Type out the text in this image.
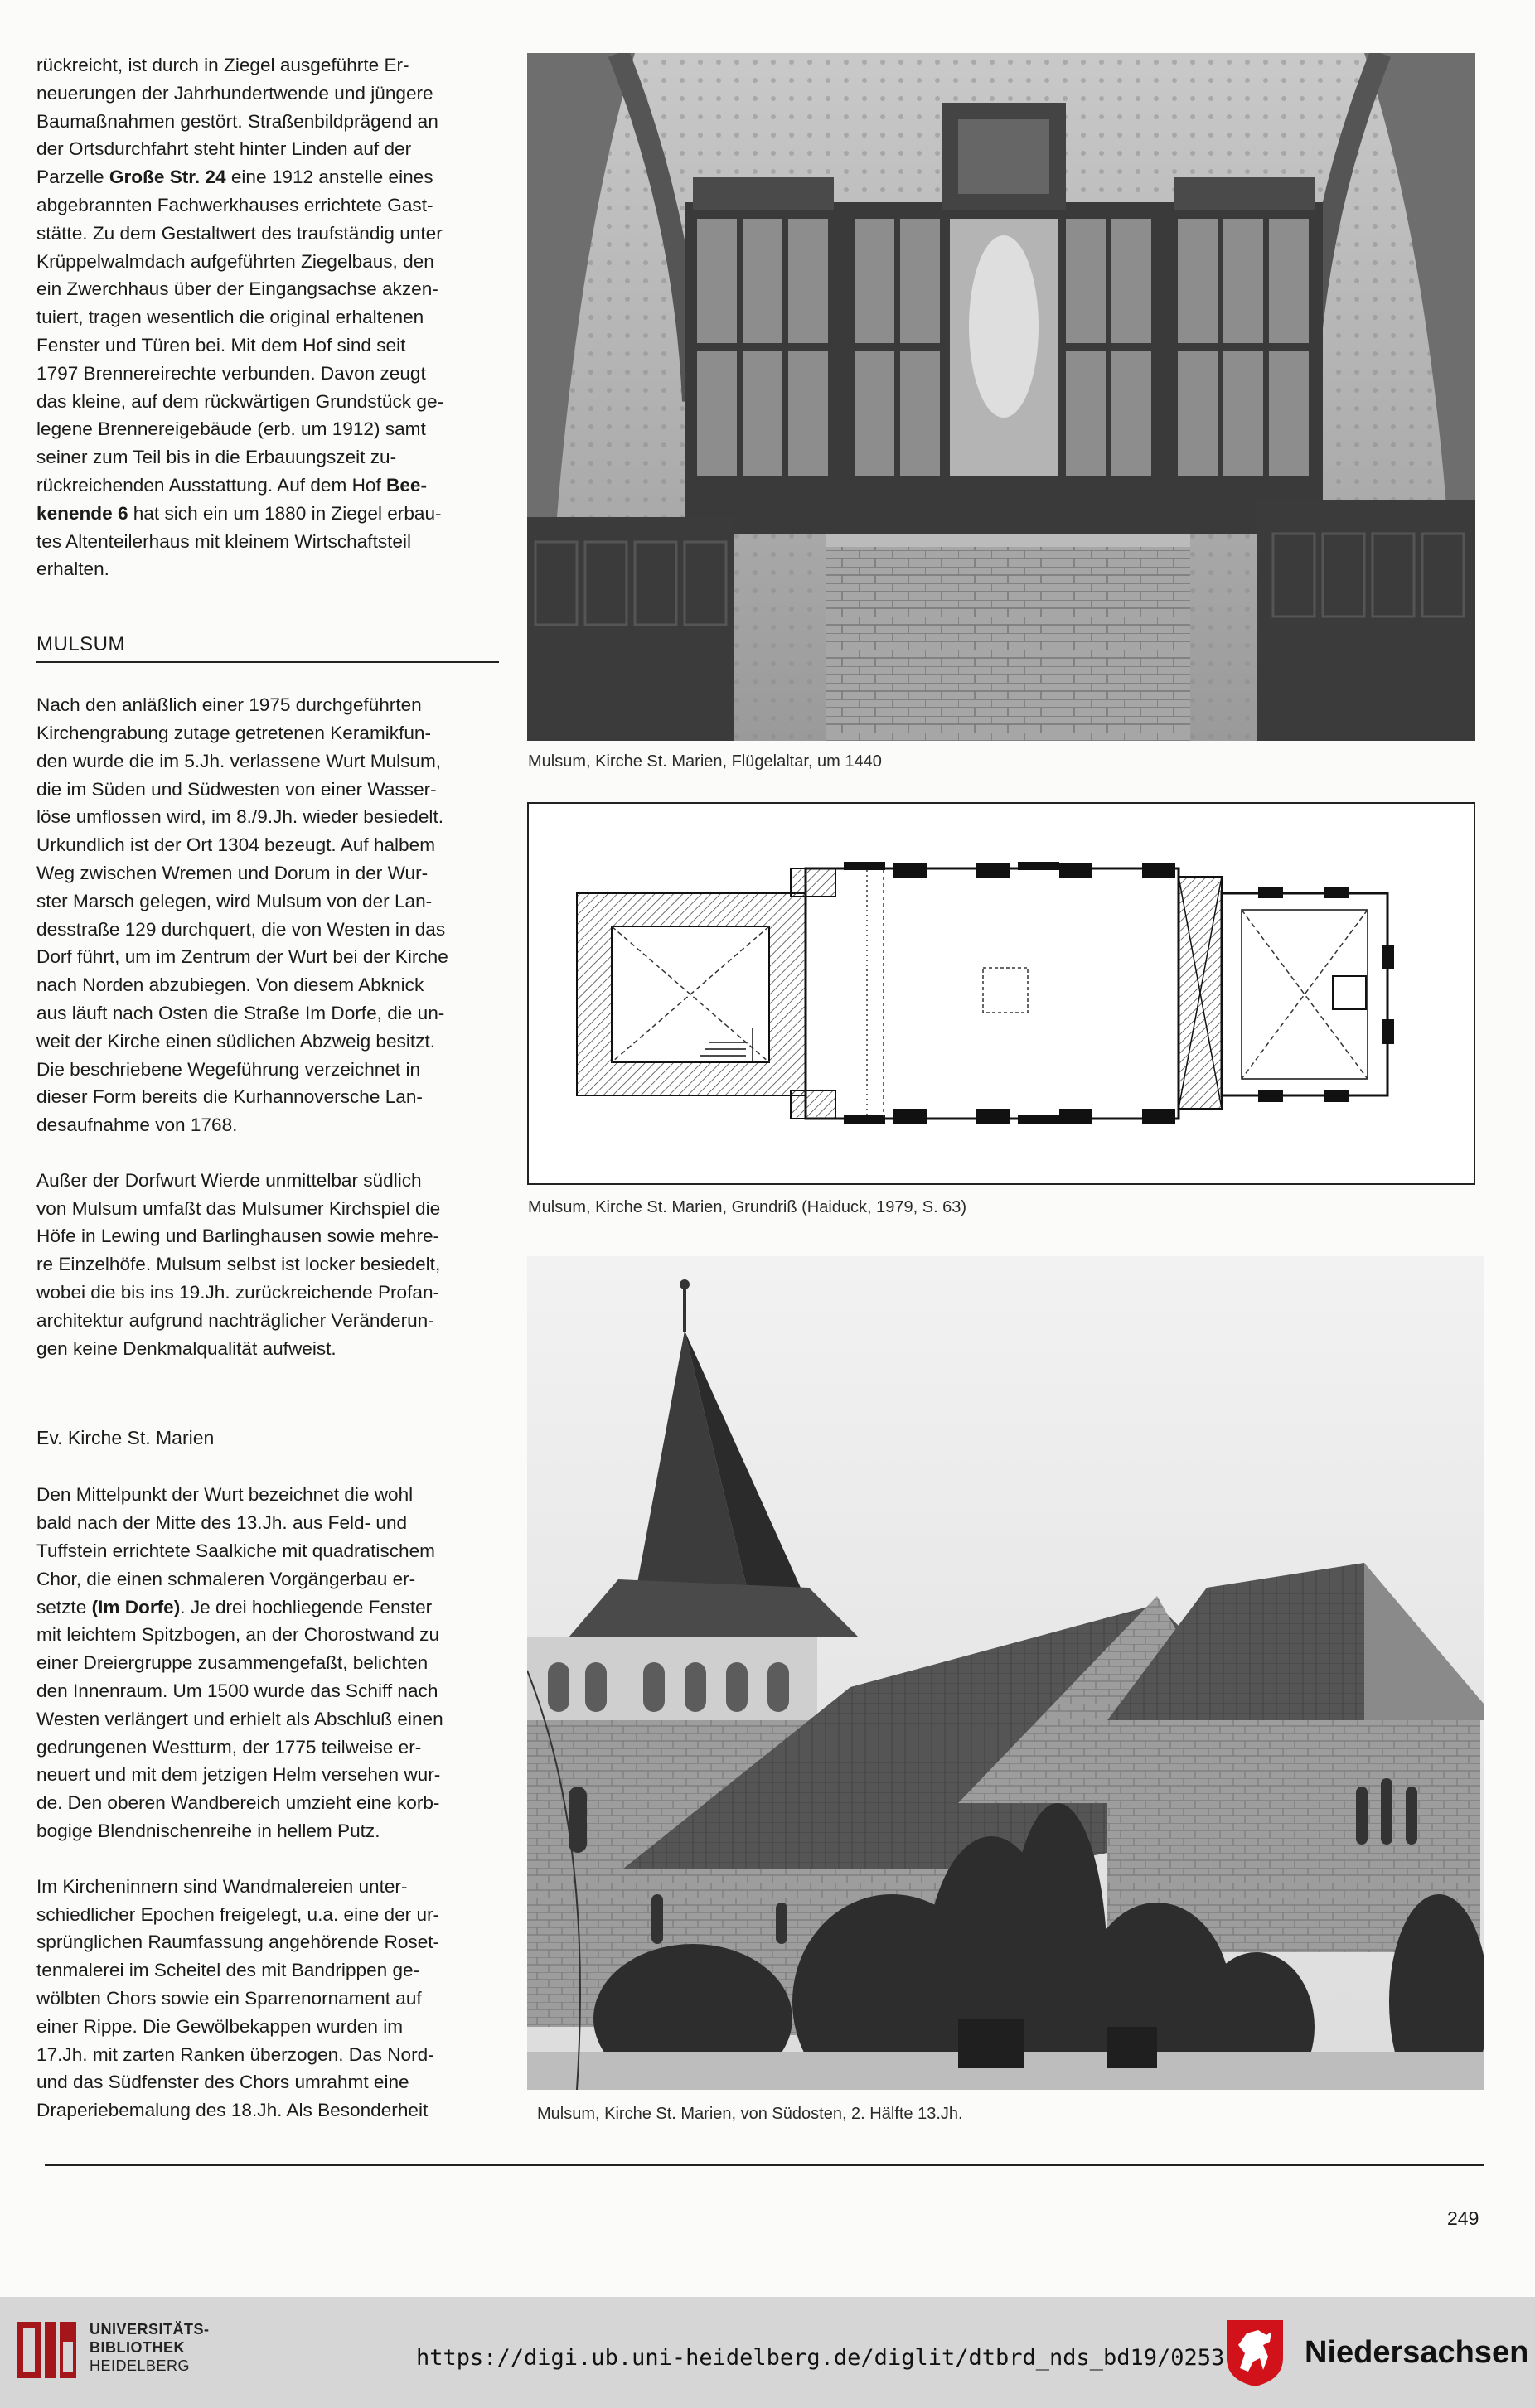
rückreicht, ist durch in Ziegel ausgeführte Er-
neuerungen der Jahrhundertwende und jüngere
Baumaßnahmen gestört. Straßenbildprägend an
der Ortsdurchfahrt steht hinter Linden auf der
Parzelle Große Str. 24 eine 1912 anstelle eines
abgebrannten Fachwerkhauses errichtete Gast-
stätte. Zu dem Gestaltwert des traufständig unter
Krüppelwalmdach aufgeführten Ziegelbaus, den
ein Zwerchhaus über der Eingangsachse akzen-
tuiert, tragen wesentlich die original erhaltenen
Fenster und Türen bei. Mit dem Hof sind seit
1797 Brennereirechte verbunden. Davon zeugt
das kleine, auf dem rückwärtigen Grundstück ge-
legene Brennereigebäude (erb. um 1912) samt
seiner zum Teil bis in die Erbauungszeit zu-
rückreichenden Ausstattung. Auf dem Hof Bee-
kenende 6 hat sich ein um 1880 in Ziegel erbau-
tes Altenteilerhaus mit kleinem Wirtschaftsteil
erhalten.
MULSUM
Nach den anläßlich einer 1975 durchgeführten
Kirchengrabung zutage getretenen Keramikfun-
den wurde die im 5.Jh. verlassene Wurt Mulsum,
die im Süden und Südwesten von einer Wasser-
löse umflossen wird, im 8./9.Jh. wieder besiedelt.
Urkundlich ist der Ort 1304 bezeugt. Auf halbem
Weg zwischen Wremen und Dorum in der Wur-
ster Marsch gelegen, wird Mulsum von der Lan-
desstraße 129 durchquert, die von Westen in das
Dorf führt, um im Zentrum der Wurt bei der Kirche
nach Norden abzubiegen. Von diesem Abknick
aus läuft nach Osten die Straße Im Dorfe, die un-
weit der Kirche einen südlichen Abzweig besitzt.
Die beschriebene Wegeführung verzeichnet in
dieser Form bereits die Kurhannoversche Lan-
desaufnahme von 1768.
Außer der Dorfwurt Wierde unmittelbar südlich
von Mulsum umfaßt das Mulsumer Kirchspiel die
Höfe in Lewing und Barlinghausen sowie mehre-
re Einzelhöfe. Mulsum selbst ist locker besiedelt,
wobei die bis ins 19.Jh. zurückreichende Profan-
architektur aufgrund nachträglicher Veränderun-
gen keine Denkmalqualität aufweist.
Ev. Kirche St. Marien
Den Mittelpunkt der Wurt bezeichnet die wohl
bald nach der Mitte des 13.Jh. aus Feld- und
Tuffstein errichtete Saalkiche mit quadratischem
Chor, die einen schmaleren Vorgängerbau er-
setzte (Im Dorfe). Je drei hochliegende Fenster
mit leichtem Spitzbogen, an der Chorostwand zu
einer Dreiergruppe zusammengefaßt, belichten
den Innenraum. Um 1500 wurde das Schiff nach
Westen verlängert und erhielt als Abschluß einen
gedrungenen Westturm, der 1775 teilweise er-
neuert und mit dem jetzigen Helm versehen wur-
de. Den oberen Wandbereich umzieht eine korb-
bogige Blendnischenreihe in hellem Putz.
Im Kircheninnern sind Wandmalereien unter-
schiedlicher Epochen freigelegt, u.a. eine der ur-
sprünglichen Raumfassung angehörende Roset-
tenmalerei im Scheitel des mit Bandrippen ge-
wölbten Chors sowie ein Sparrenornament auf
einer Rippe. Die Gewölbekappen wurden im
17.Jh. mit zarten Ranken überzogen. Das Nord-
und das Südfenster des Chors umrahmt eine
Draperiebemalung des 18.Jh. Als Besonderheit
Mulsum, Kirche St. Marien, Flügelaltar, um 1440
Mulsum, Kirche St. Marien, Grundriß (Haiduck, 1979, S. 63)
Mulsum, Kirche St. Marien, von Südosten, 2. Hälfte 13.Jh.
249
UNIVERSITÄTS-
BIBLIOTHEK
HEIDELBERG	https://digi.ub.uni-heidelberg.de/diglit/dtbrd_nds_bd19/0253	Niedersachsen
